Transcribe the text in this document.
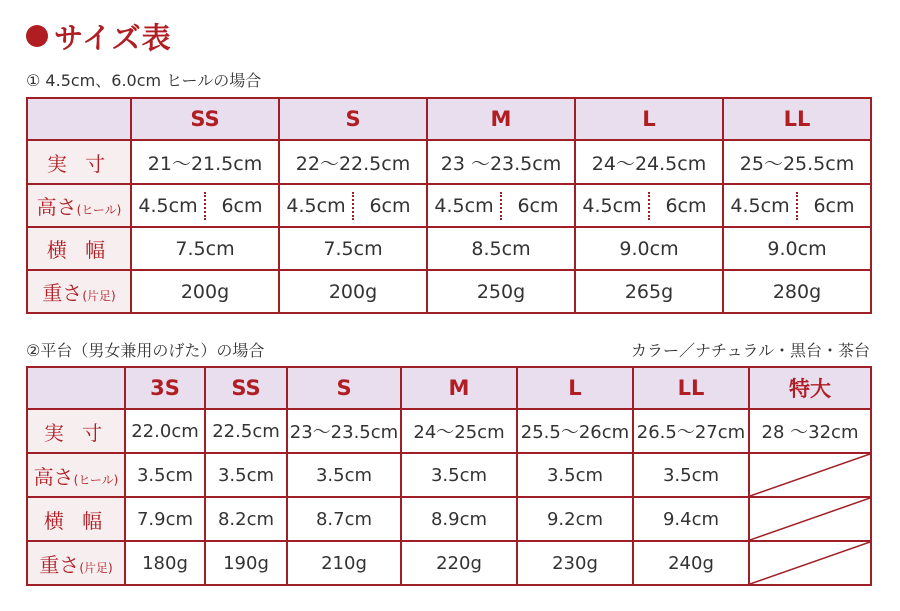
サイズ表
① 4.5cm、6.0cm ヒールの場合
	SS	S	M	L	LL
実 寸	21～21.5cm	22～22.5cm	23 ～23.5cm	24～24.5cm	25～25.5cm
高さ(ヒール)	4.5cm 6cm	4.5cm 6cm	4.5cm 6cm	4.5cm 6cm	4.5cm 6cm

横 幅	7.5cm	7.5cm	8.5cm	9.0cm	9.0cm
重さ(片足)	200g	200g	250g	265g	280g
②平台（男女兼用のげた）の場合	カラー／ナチュラル・黒台・茶台
	3S	SS	S	M	L	LL	特大
実 寸	22.0cm	22.5cm	23～23.5cm	24～25cm	25.5～26cm	26.5～27cm	28 ～32cm
高さ(ヒール)	3.5cm	3.5cm	3.5cm	3.5cm	3.5cm	3.5cm	
横 幅	7.9cm	8.2cm	8.7cm	8.9cm	9.2cm	9.4cm	
重さ(片足)	180g	190g	210g	220g	230g	240g	
